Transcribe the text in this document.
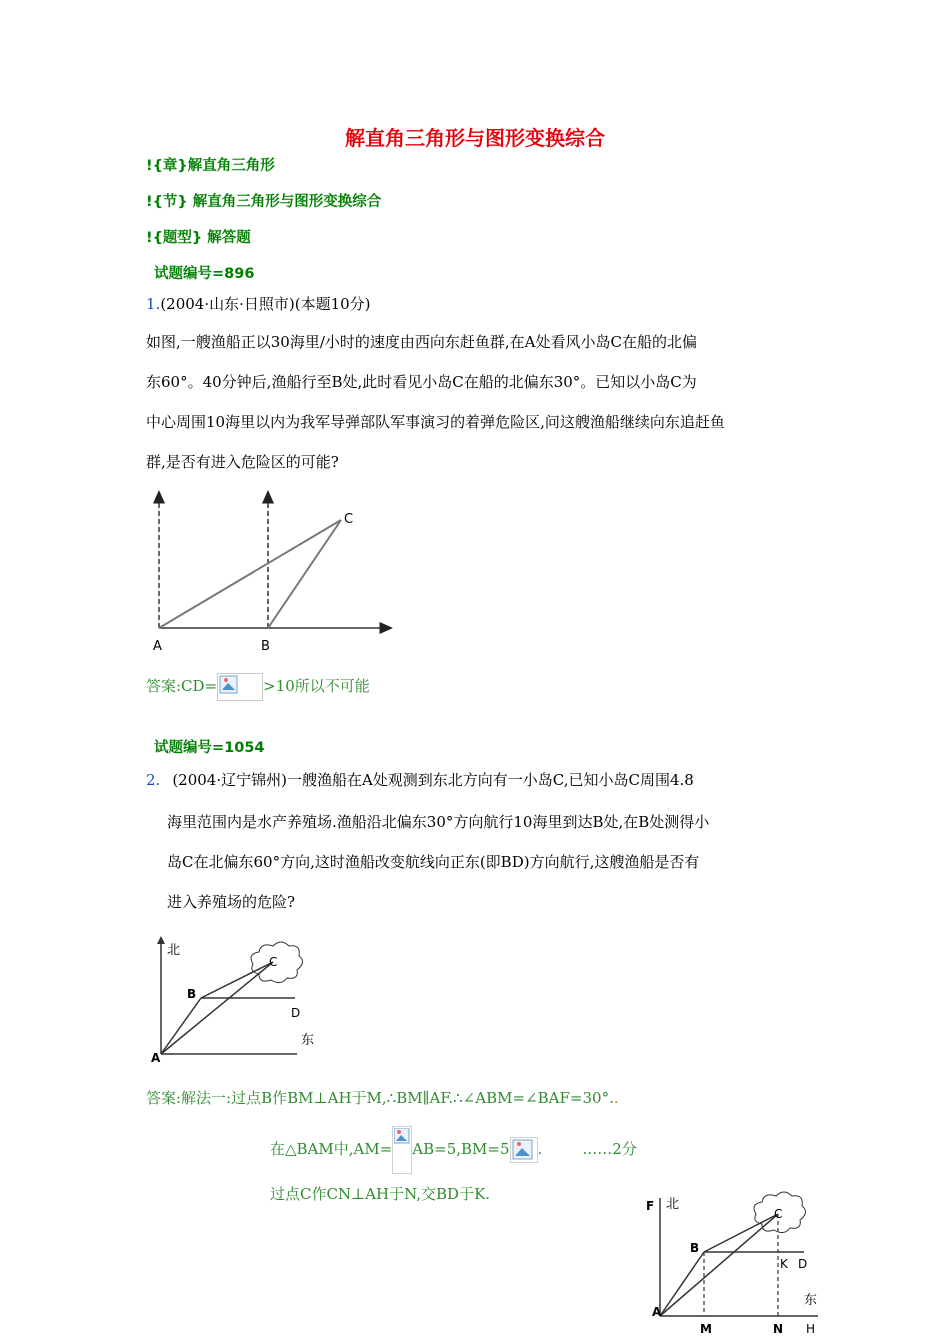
解直角三角形与图形变换综合
!{章}解直角三角形
!{节} 解直角三角形与图形变换综合
!{题型} 解答题
试题编号=896
1.(2004·山东·日照市)(本题10分)
如图,一艘渔船正以30海里/小时的速度由西向东赶鱼群,在A处看风小岛C在船的北偏
东60°。40分钟后,渔船行至B处,此时看见小岛C在船的北偏东30°。已知以小岛C为
中心周围10海里以内为我军导弹部队军事演习的着弹危险区,问这艘渔船继续向东追赶鱼
群,是否有进入危险区的可能?
A	B
C
答案:CD=	>10所以不可能
试题编号=1054
2. (2004·辽宁锦州)一艘渔船在A处观测到东北方向有一小岛C,已知小岛C周围4.8
海里范围内是水产养殖场.渔船沿北偏东30°方向航行10海里到达B处,在B处测得小
岛C在北偏东60°方向,这时渔船改变航线向正东(即BD)方向航行,这艘渔船是否有
进入养殖场的危险?
北
东
C
A
B
D
答案:解法一:过点B作BM⊥AH于M,∴BM∥AF.∴∠ABM=∠BAF=30°..
在△BAM中,AM= AB=5,BM=5 .	……2分
过点C作CN⊥AH于N,交BD于K.
F 北
东
C
B
K D
A
M	N H
